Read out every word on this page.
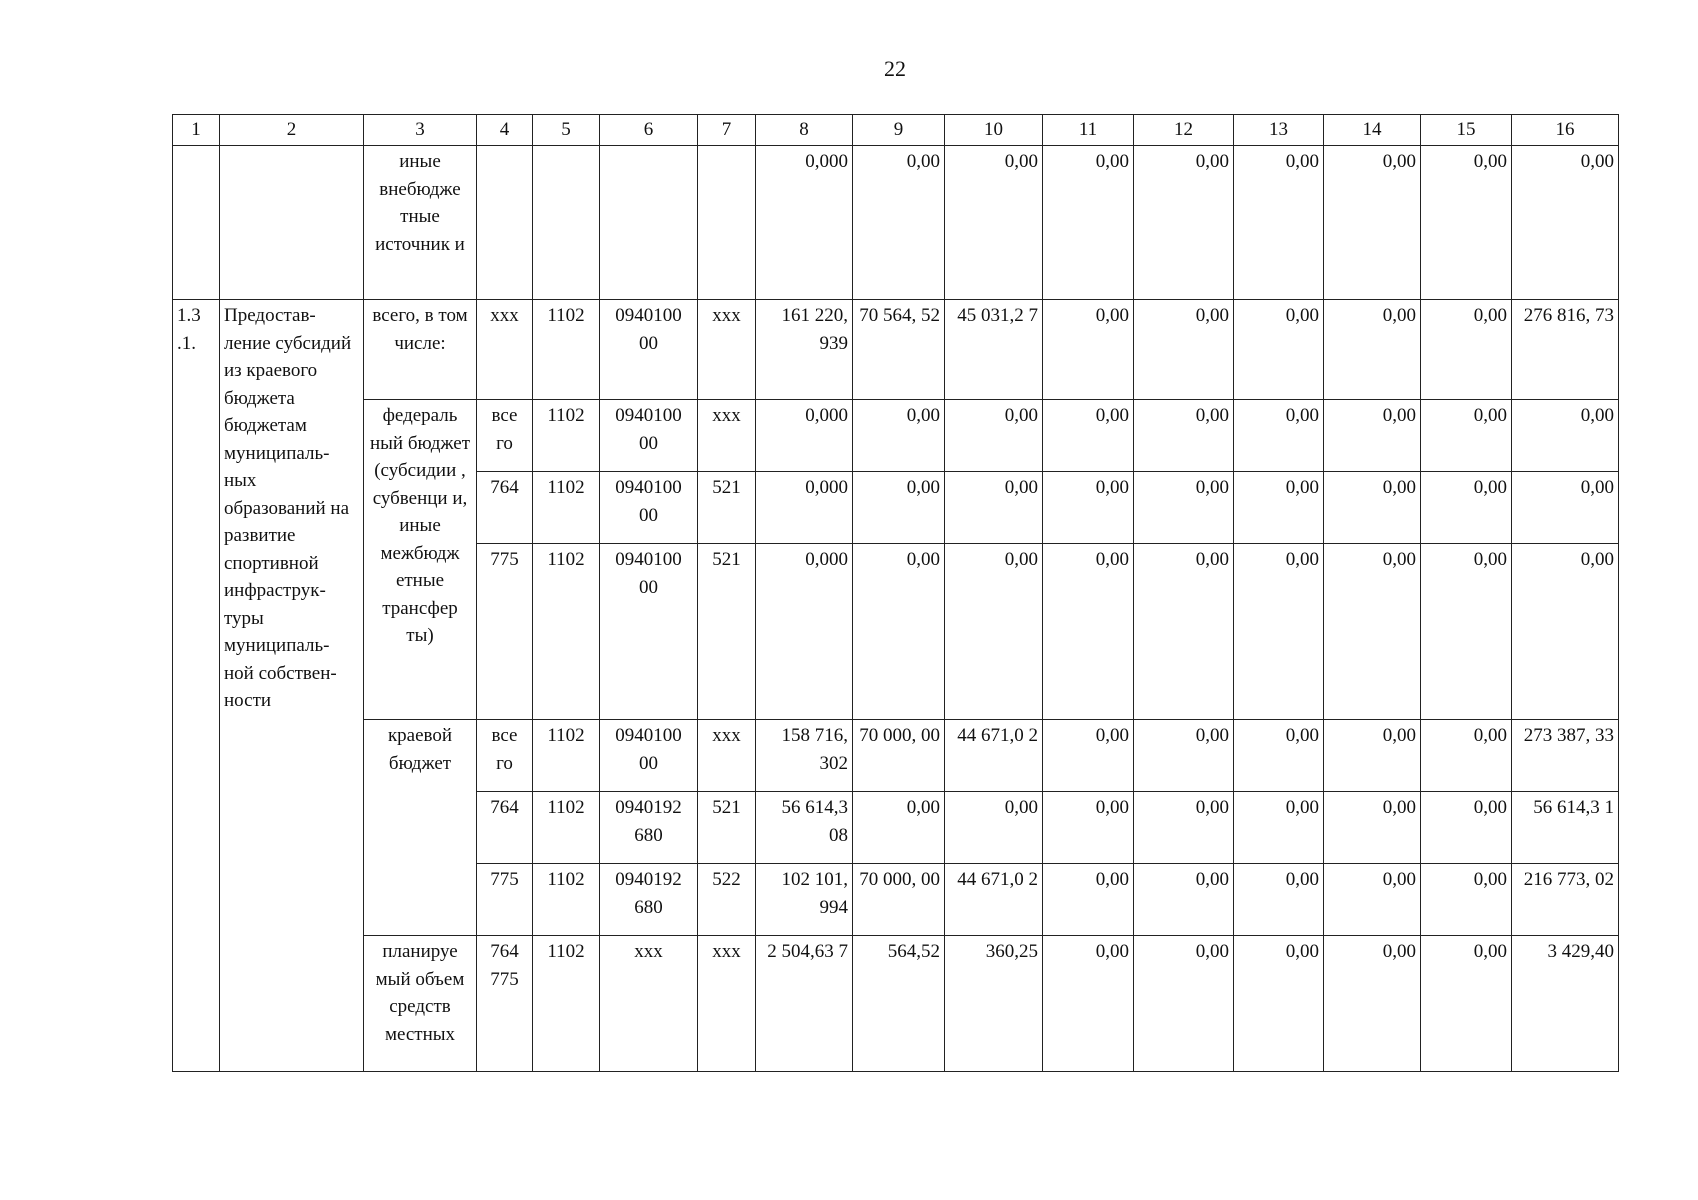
22
1	2	3	4	5	6	7	8	9	10	11	12	13	14	15	16
		иные внебюдже тные источник и					0,000	0,00	0,00	0,00	0,00	0,00	0,00	0,00	0,00
1.3 .1.	Предостав-ление субсидий из краевого бюджета бюджетам муниципаль-ных образований на развитие спортивной инфраструк-туры муниципаль-ной собствен-ности	всего, в том числе:	ххх	1102	0940100 00	ххх	161 220, 939	70 564, 52	45 031,2 7	0,00	0,00	0,00	0,00	0,00	276 816, 73
		федераль ный бюджет (субсидии , субвенци и, иные межбюдж етные трансфер ты)	все го	1102	0940100 00	ххх	0,000	0,00	0,00	0,00	0,00	0,00	0,00	0,00	0,00
			764	1102	0940100 00	521	0,000	0,00	0,00	0,00	0,00	0,00	0,00	0,00	0,00
			775	1102	0940100 00	521	0,000	0,00	0,00	0,00	0,00	0,00	0,00	0,00	0,00
		краевой бюджет	все го	1102	0940100 00	ххх	158 716, 302	70 000, 00	44 671,0 2	0,00	0,00	0,00	0,00	0,00	273 387, 33
			764	1102	0940192 680	521	56 614,3 08	0,00	0,00	0,00	0,00	0,00	0,00	0,00	56 614,3 1
			775	1102	0940192 680	522	102 101, 994	70 000, 00	44 671,0 2	0,00	0,00	0,00	0,00	0,00	216 773, 02
		планируе мый объем средств местных	764 775	1102	ххх	ххх	2 504,63 7	564,52	360,25	0,00	0,00	0,00	0,00	0,00	3 429,40
